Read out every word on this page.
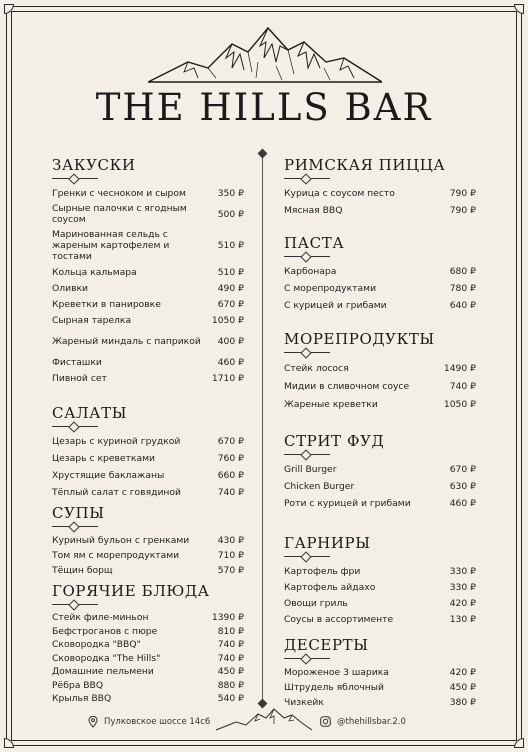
THE HILLS BAR
ЗАКУСКИ
Гренки с чесноком и сыром	350 ₽
Сырные палочки с ягодным соусом	500 ₽
Маринованная сельдь с жареным картофелем и тостами
510 ₽
Кольца кальмара	510 ₽
Оливки	490 ₽
Креветки в панировке	670 ₽
Сырная тарелка	1050 ₽
Жареный миндаль с паприкой 400 ₽
Фисташки	460 ₽
Пивной сет	1710 ₽
САЛАТЫ
Цезарь с куриной грудкой	670 ₽
Цезарь с креветками	760 ₽
Хрустящие баклажаны	660 ₽
Тёплый салат с говядиной	740 ₽
СУПЫ
Куриный бульон с гренками	430 ₽
Том ям с морепродуктами	710 ₽
Тёщин борщ	570 ₽
ГОРЯЧИЕ БЛЮДА
Стейк филе-миньон	1390 ₽
Бефстроганов с пюре	810 ₽
Сковородка "BBQ"	740 ₽
Сковородка "The Hills"	740 ₽
Домашние пельмени	450 ₽
Рёбра BBQ	880 ₽
Крылья BBQ	540 ₽
РИМСКАЯ ПИЦЦА
Курица с соусом песто	790 ₽
Мясная BBQ	790 ₽
ПАСТА
Карбонара	680 ₽
С морепродуктами	780 ₽
С курицей и грибами	640 ₽
МОРЕПРОДУКТЫ
Стейк лосося	1490 ₽
Мидии в сливочном соусе	740 ₽
Жареные креветки	1050 ₽
СТРИТ ФУД
Grill Burger	670 ₽
Chicken Burger	630 ₽
Роти с курицей и грибами	460 ₽
ГАРНИРЫ
Картофель фри	330 ₽
Картофель айдахо	330 ₽
Овощи гриль	420 ₽
Соусы в ассортименте	130 ₽
ДЕСЕРТЫ
Мороженое 3 шарика	420 ₽
Штрудель яблочный	450 ₽
Чизкейк	380 ₽
Пулковское шоссе 14с6	@thehillsbar.2.0
